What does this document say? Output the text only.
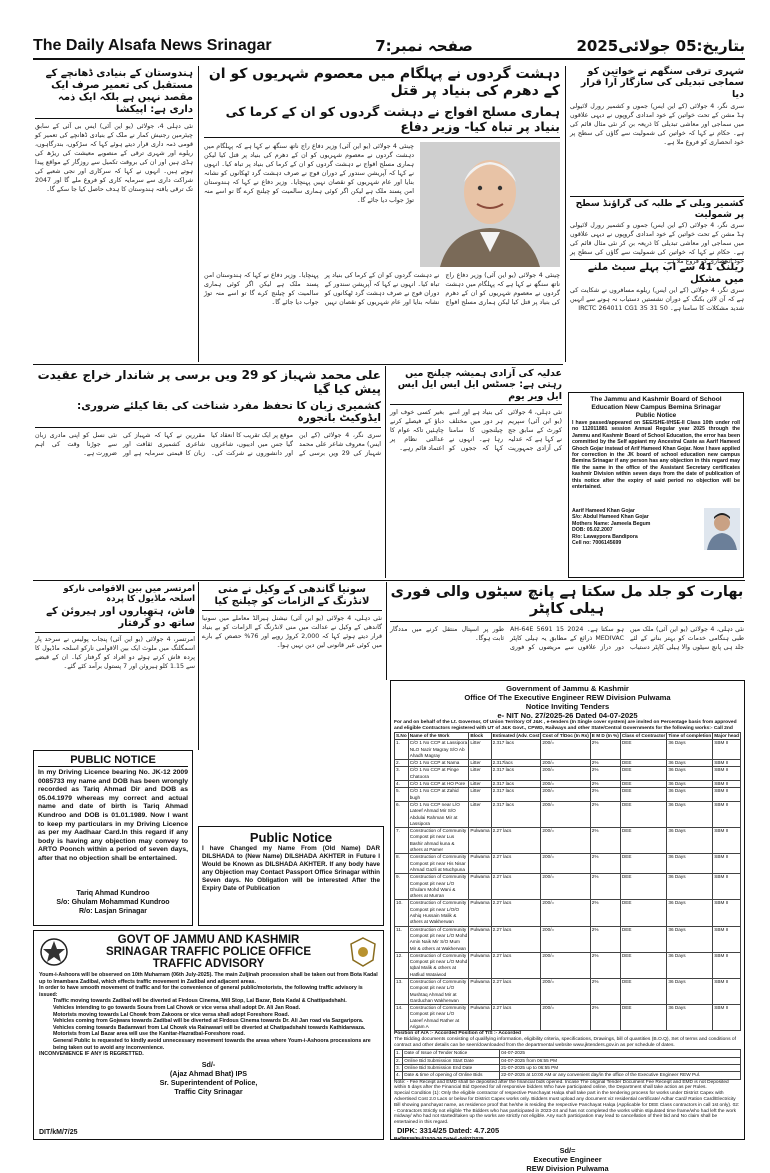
The Daily Alsafa News Srinagar	صفحہ نمبر:7	بتاریخ:05 جولائی2025
ہندوستان کے بنیادی ڈھانچے کے مستقبل کی تعمیر صرف ایک مقصد نہیں ہے بلکہ ایک ذمہ داری ہے: اپیکشا
نئی دہلی 4، جولائی (یو این آئی) ایس بی آئی کے سابق چیئرمین رجنیش کمار نے ملک کے بنیادی ڈھانچے کی تعمیر کو قومی ذمہ داری قرار دیتے ہوئے کہا کہ سڑکوں، بندرگاہوں، ریلوے اور شہری ترقی کے منصوبے معیشت کی ریڑھ کی ہڈی ہیں اور ان کی بروقت تکمیل سے روزگار کے مواقع پیدا ہوتے ہیں۔ انہوں نے کہا کہ سرکاری اور نجی شعبے کی شراکت داری سے سرمایہ کاری کو فروغ ملے گا اور 2047 تک ترقی یافتہ ہندوستان کا ہدف حاصل کیا جا سکے گا۔
دہشت گردوں نے پہلگام میں معصوم شہریوں کو ان کے دھرم کی بنیاد پر قتل
ہماری مسلح افواج نے دہشت گردوں کو ان کے کرما کی بنیاد پر تباہ کیا- وزیر دفاع
چینئی 4 جولائی (یو این آئی) وزیر دفاع راج ناتھ سنگھ نے کہا ہے کہ پہلگام میں دہشت گردوں نے معصوم شہریوں کو ان کے دھرم کی بنیاد پر قتل کیا لیکن ہماری مسلح افواج نے دہشت گردوں کو ان کے کرما کی بنیاد پر تباہ کیا۔ انہوں نے کہا کہ آپریشن سندور کے دوران فوج نے صرف دہشت گرد ٹھکانوں کو نشانہ بنایا اور عام شہریوں کو نقصان نہیں پہنچایا۔ وزیر دفاع نے کہا کہ ہندوستان امن پسند ملک ہے لیکن اگر کوئی ہماری سالمیت کو چیلنج کرے گا تو اسے منہ توڑ جواب دیا جائے گا۔
چینئی 4 جولائی (یو این آئی) وزیر دفاع راج ناتھ سنگھ نے کہا ہے کہ پہلگام میں دہشت گردوں نے معصوم شہریوں کو ان کے دھرم کی بنیاد پر قتل کیا لیکن ہماری مسلح افواج نے دہشت گردوں کو ان کے کرما کی بنیاد پر تباہ کیا۔ انہوں نے کہا کہ آپریشن سندور کے دوران فوج نے صرف دہشت گرد ٹھکانوں کو نشانہ بنایا اور عام شہریوں کو نقصان نہیں پہنچایا۔ وزیر دفاع نے کہا کہ ہندوستان امن پسند ملک ہے لیکن اگر کوئی ہماری سالمیت کو چیلنج کرے گا تو اسے منہ توڑ جواب دیا جائے گا۔
شہری ترقی سنگھم نے خواتین کو سماجی تبدیلی کی سازگار آرا قرار دیا
سری نگر، 4 جولائی (کے این ایس) جموں و کشمیر رورل لائیولی ہڈ مشن کے تحت خواتین کے خود امدادی گروپوں نے دیہی علاقوں میں سماجی اور معاشی تبدیلی کا ذریعہ بن کر نئی مثال قائم کی ہے۔ حکام نے کہا کہ خواتین کی شمولیت سے گاؤں کی سطح پر خود انحصاری کو فروغ ملا ہے۔
کشمیر ویلی کے طلبہ کی گراؤنڈ سطح پر شمولیت
سری نگر، 4 جولائی (کے این ایس) جموں و کشمیر رورل لائیولی ہڈ مشن کے تحت خواتین کے خود امدادی گروپوں نے دیہی علاقوں میں سماجی اور معاشی تبدیلی کا ذریعہ بن کر نئی مثال قائم کی ہے۔ حکام نے کہا کہ خواتین کی شمولیت سے گاؤں کی سطح پر خود انحصاری کو فروغ ملا ہے۔
ریلنگ 41 سے اب پہلے سیٹ ملنے میں مشکل
سری نگر، 4 جولائی (کے این ایس) ریلوے مسافروں نے شکایت کی ہے کہ آن لائن بکنگ کے دوران نشستیں دستیاب نہ ہونے سے انہیں شدید مشکلات کا سامنا ہے۔ IRCTC 264011 CG1 35 31 50
علی محمد شہباز کو 29 ویں برسی پر شاندار خراج عقیدت پیش کیا گیا
کشمیری زبان کا تحفظ مفرد شناخت کی بقا کیلئے ضروری: ایڈوکیٹ بانجورہ
سری نگر، 4 جولائی (کے این ایس) معروف شاعر علی محمد شہباز کی 29 ویں برسی کے موقع پر ایک تقریب کا انعقاد کیا گیا جس میں ادیبوں، شاعروں اور دانشوروں نے شرکت کی۔ مقررین نے کہا کہ شہباز کی شاعری کشمیری ثقافت اور زبان کا قیمتی سرمایہ ہے اور نئی نسل کو اپنی مادری زبان سے جوڑنا وقت کی اہم ضرورت ہے۔
عدلیہ کی آزادی ہمیشہ چیلنج میں رہتی ہے: جسٹس ایل ایس ایل ایس ایل ویر یوم
نئی دہلی، 4 جولائی (یو این آئی) سپریم کورٹ کے سابق جج نے کہا ہے کہ عدلیہ کی آزادی جمہوریت کی بنیاد ہے اور اسے ہر دور میں مختلف چیلنجوں کا سامنا رہا ہے۔ انہوں نے کہا کہ ججوں کو بغیر کسی خوف اور دباؤ کے فیصلے کرنے چاہئیں تاکہ عوام کا عدالتی نظام پر اعتماد قائم رہے۔
The Jammu and Kashmir Board of School
Education New Campus Bemina Srinagar
Public Notice
I have passed/appeared on SEE/SHE-I/HSE-II Class 10th under roll no 112011881 session Annual Regular year 2025 through the Jammu and Kashmir Board of School Education, the error has been committed by the Self appiant my Ancestral Caste as Aarif Hameed Ghoch Gojar instead of Arif Hameed Khan Gojar. Now I have applied for correction in the JK board of school education new campus Bemina Srinagar if any person has any objection in this regard may file the same in the office of the Assistant Secretary certificates kashmir Division within seven days from the date of publication of this notice after the expiry of said period no objection will be entertained.
Aarif Hameed Khan Gojar
S/o: Abdul Hameed Khan Gojar
Mothers Name: Jameela Begum
DOB: 05.02.2007
R/o: Lawaypora Bandipora
Cell no: 7006145699
امرتسر میں بین الاقوامی نارکو اسلحہ ماڈیول کا پردہ
فاش، ہتھیاروں اور ہیروئن کے ساتھ دو گرفتار
امرتسر، 4 جولائی (یو این آئی) پنجاب پولیس نے سرحد پار اسمگلنگ میں ملوث ایک بین الاقوامی نارکو اسلحہ ماڈیول کا پردہ فاش کرتے ہوئے دو افراد کو گرفتار کیا۔ ان کے قبضے سے 1.15 کلو ہیروئن اور 7 پستول برآمد کئے گئے۔
سونیا گاندھی کے وکیل نے منی
لانڈرنگ کے الزامات کو چیلنج کیا
نئی دہلی، 4 جولائی (یو این آئی) نیشنل ہیرالڈ معاملے میں سونیا گاندھی کے وکیل نے عدالت میں منی لانڈرنگ کے الزامات کو بے بنیاد قرار دیتے ہوئے کہا کہ 2,000 کروڑ روپے اور 76% حصص کے بارے میں کوئی غیر قانونی لین دین نہیں ہوا۔
بھارت کو جلد مل سکتا ہے پانچ سیٹوں والی فوری ہیلی کاپٹر
نئی دہلی، 4 جولائی (یو این آئی) ملک میں طبی ہنگامی خدمات کو بہتر بنانے کے لئے جلد ہی پانچ سیٹوں والا ہیلی کاپٹر دستیاب ہو سکتا ہے۔ AH-64E 5691 15 2024 MEDIVAC ذرائع کے مطابق یہ ہیلی کاپٹر دور دراز علاقوں سے مریضوں کو فوری طور پر اسپتال منتقل کرنے میں مددگار ثابت ہوگا۔
PUBLIC NOTICE
In my Driving Licence bearing No. JK-12 2009 0085733 my name and DOB has been wrongly recorded as Tariq Ahmad Dir and DOB as 05.04.1979 whereas my correct and actual name and date of birth is Tariq Ahmad Kundroo and DOB is 01.01.1989. Now I want to keep my particulars in my Driving Licence as per my Aadhaar Card.In this regard if any body is having any objection may convey to ARTO Poonch within a period of seven days, after that no objection shall be entertained.
Tariq Ahmad Kundroo
S/o: Ghulam Mohammad Kundroo
R/o: Lasjan Srinagar
Public Notice
I have Changed my Name From (Old Name) DAR DILSHADA to (New Name) DILSHADA AKHTER in Future I Would be Known as DILSHADA AKHTER. If any body have any Objection may Contact Passport Office Srinagar within Seven days. No Obligation will be interested After the Expiry Date of Publication
GOVT OF JAMMU AND KASHMIR
SRINAGAR TRAFFIC POLICE OFFICE
TRAFFIC ADVISORY
Youm-i-Ashoora will be observed on 10th Muharram (06th July-2025). The main Zuljinah procession shall be taken out from Bota Kadal up to Imambara Zadibal, which effects traffic movement in Zadibal and adjacent areas.
In order to have smooth movement of traffic and for the convenience of general public/motorists, the following traffic advisory is issued:
Traffic moving towards Zadibal will be diverted at Firdous Cinema, Mill Stop, Lal Bazar, Bota Kadal & Chattipadshahi.
Vehicles intending to go towards Soura from Lal Chowk or vice versa shall adopt Dr. Ali Jan Road.
Motorists moving towards Lal Chowk from Zakoora or vice versa shall adopt Foreshore Road.
Vehicles coming from Gojwara towards Zadibal will be diverted at Firdous Cinema towards Dr. Ali Jan road via Sazgaripora.
Vehicles coming towards Badamwari from Lal Chowk via Rainawari will be diverted at Chatipadshahi towards Kathidarwaza.
Motorists from Lal Bazar area will use the Kanitar-Hazratbal-Foreshore road.
General Public is requested to kindly avoid unnecessary movement towards the areas where Youm-i-Ashoora processions are being taken out to avoid any inconvenience.
INCONVENIENCE IF ANY IS REGRETTED.
Sd/-
(Ajaz Ahmad Bhat) IPS
Sr. Superintendent of Police,
Traffic City Srinagar
DIT/kM/7/25
Government of Jammu & Kashmir
Office Of The Executive Engineer REW Division Pulwama
Notice Inviting Tenders
e- NIT No. 27/2025-26 Dated 04-07-2025
For and on behalf of the Lt. Governor, Of Union Territory Of J&K , e-tenders (In Single cover system) are invited on Percentage basis from approved and eligible Contractors registered with UT of J&K Govt., CPWD, Railways and other State/Central Governments for the following works:- Call 2nd
S.No	Name of the Work	Block	Estimated (Adv. Cost	Cost of T/Doc (In Rs)	E M D (In %)	Class of Contractor	Time of completion	Major head
1.	C/O 1 No CCP at Lassipora NLO Nazir Magray S/O Ab Ahadh Magray	Litter	2.317 lacs	200/=	2%	DEE	36 Days	SBM II
2.	C/O 1 No CCP at Nama	Litter	2.317lacs	200/=	2%	DEE	36 Days	SBM II
3.	C/O 1 No CCP at Pinge Chatoora	Litter	2.317 lacs	200/=	2%	DEE	36 Days	SBM II
4.	C/O 1 No CCP at HO Pore	Litter	2.317 lacs	200/=	2%	DEE	36 Days	SBM II
5.	C/O 1 No CCP at Zahid bugh	Litter	2.317 lacs	200/=	2%	DEE	36 Days	SBM II
6.	C/O 1 No CCP near L/O Lateef Ahmad Mir S/O Abdulai Rahman Mir at Lassipora	Litter	2.317 lacs	200/=	2%	DEE	36 Days	SBM II
7.	Construction of Community Compost pit near Lus Bashir ahmad kuna & others at Pamer	Pulwama	2.27 lacs	200/=	2%	DEE	36 Days	SBM II
8.	Construction of Community Compost pit near His Nisar Ahmad Gazli at Muchpuna	Pulwama	2.27 lacs	200/=	2%	DEE	36 Days	SBM II
9.	Construction of Community Compost pit near L/O Ghulam Mohd Wani & others at Murran	Pulwama	2.27 lacs	200/=	2%	DEE	36 Days	SBM II
10.	Construction of Community Compost pit near L/O/O Ashiq Hussain Malik & others at Wakherwan	Pulwama	2.27 lacs	200/=	2%	DEE	36 Days	SBM II
11.	Construction of Community Compost pit near L/O Mohd Amin Naik Mir S/O Mum Mir & others at Wakherwan	Pulwama	2.27 lacs	200/=	2%	DEE	36 Days	SBM II
12.	Construction of Community Compost pit near L/O Mohd Iqbal Malik & others at Hatfiud Wataiwod	Pulwama	2.27 lacs	200/=	2%	DEE	36 Days	SBM II
13.	Construction of Community Compost pit near L/O Mushtaq Ahmad Mir at Garduchan Wakherwan	Pulwama	2.27 lacs	200/=	2%	DEE	36 Days	SBM II
14.	Construction of Community Compost pit near L/O Lateef Ahmad Rather at Arigam A	Pulwama	2.27 lacs	200/=	2%	DEE	36 Days	SBM II
Position of A/A :- Accorded Position of T/S :- Accorded
The Bidding documents consisting of qualifying information, eligibility criteria, specifications, Drawings, bill of quantities (B.O.Q), Set of terms and conditions of contract and other details can be seen/downloaded from the departmental website www.jktenders.gov.in as per schedule of dates.
1.	Date of Issue of Tender Notice	04-07-2025
2.	Online Bid Submission Start Date	04-07-2025 from 06:55 PM
3.	Online Bid Submission End Date	21-07-2025 up to 06:55 PM
4.	Date & time of opening of Online Bids	22-07-2025 at 10:00 AM or any convenient day/in the office of the Executive Engineer REW Pul.
Note: - Fee Receipt and EMD shall be deposited after the financial bids opened. Incase The original Tender Document Fee Receipt and EMD is not Deposited within 5 days after the Financial Bid Opened for all responsive bidders Who have participated online, the Department shall take action as per Rules.
Special Condition (1): Only the eligible contractor of respective Panchayat Halqa shall take part in the tendering process for works under District Capex with Advertised Cost 2.0 Lacs or below for District Capex works only. Bidders must upload any document viz residential certificate/ Adhar Card/ Ration Card/Electricity Bill showing panchayat name, as residence proof that he/she is residing the respective Panchayat Halqa (Applicable for DEE Class contractors in call 1st only). 02: - Contractors Strictly not eligible The Bidders who has participated in 2023-24 and has not completed the works within stipulated time frame/who had left the work midway/ who had not started/taken up the works are strictly not eligible. Any such participation may lead to cancellation of their bid and No claim shall be entertained in this regard.
Ref/REW/Pul/1520-26 Dated -04/07/2025
Sd/=
Executive Engineer
REW Division Pulwama
DIPK: 3314/25 Dated: 4.7.205
